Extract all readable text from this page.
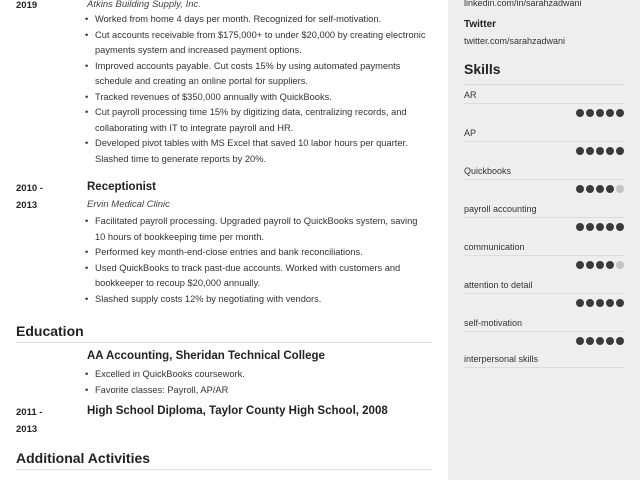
2019	Atkins Building Supply, Inc.
• Worked from home 4 days per month. Recognized for self-motivation.
• Cut accounts receivable from $175,000+ to under $20,000 by creating electronic payments system and increased payment options.
• Improved accounts payable. Cut costs 15% by using automated payments schedule and creating an online portal for suppliers.
• Tracked revenues of $350,000 annually with QuickBooks.
• Cut payroll processing time 15% by digitizing data, centralizing records, and collaborating with IT to integrate payroll and HR.
• Developed pivot tables with MS Excel that saved 10 labor hours per quarter. Slashed time to generate reports by 20%.
2010 -
2013
Receptionist
Ervin Medical Clinic
• Facilitated payroll processing. Upgraded payroll to QuickBooks system, saving 10 hours of bookkeeping time per month.
• Performed key month-end-close entries and bank reconciliations.
• Used QuickBooks to track past-due accounts. Worked with customers and bookkeeper to recoup $20,000 annually.
• Slashed supply costs 12% by negotiating with vendors.
Education
AA Accounting, Sheridan Technical College
• Excelled in QuickBooks coursework.
• Favorite classes: Payroll, AP/AR
2011 -
2013
High School Diploma, Taylor County High School, 2008
Additional Activities
linkedin.com/in/sarahzadwani
Twitter
twitter.com/sarahzadwani
Skills
AR
AP
Quickbooks
payroll accounting
communication
attention to detail
self-motivation
interpersonal skills
